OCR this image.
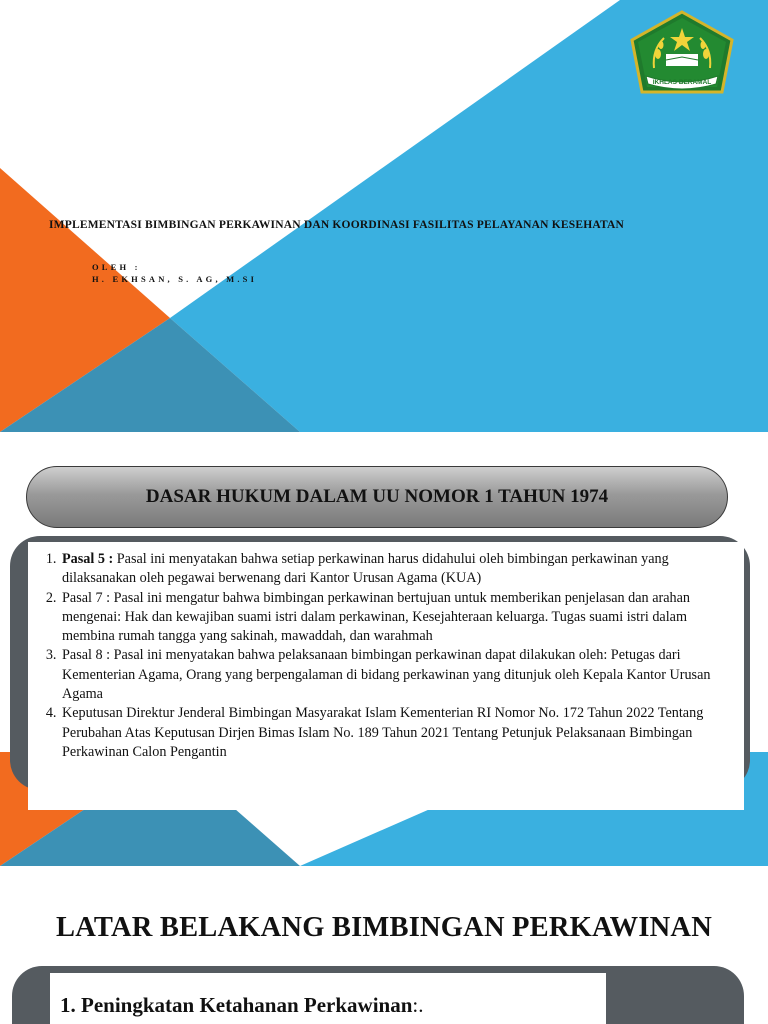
IKHLAS BERAMAL
IMPLEMENTASI BIMBINGAN PERKAWINAN DAN KOORDINASI FASILITAS PELAYANAN KESEHATAN
OLEH :
H. EKHSAN, S. AG, M.SI
DASAR HUKUM DALAM UU NOMOR 1 TAHUN 1974
1. Pasal 5 : Pasal ini menyatakan bahwa setiap perkawinan harus didahului oleh bimbingan perkawinan yang dilaksanakan oleh pegawai berwenang dari Kantor Urusan Agama (KUA)
2. Pasal 7 : Pasal ini mengatur bahwa bimbingan perkawinan bertujuan untuk memberikan penjelasan dan arahan mengenai: Hak dan kewajiban suami istri dalam perkawinan, Kesejahteraan keluarga. Tugas suami istri dalam membina rumah tangga yang sakinah, mawaddah, dan warahmah
3. Pasal 8 : Pasal ini menyatakan bahwa pelaksanaan bimbingan perkawinan dapat dilakukan oleh: Petugas dari Kementerian Agama, Orang yang berpengalaman di bidang perkawinan yang ditunjuk oleh Kepala Kantor Urusan Agama
4. Keputusan Direktur Jenderal Bimbingan Masyarakat Islam Kementerian RI Nomor No. 172 Tahun 2022 Tentang Perubahan Atas Keputusan Dirjen Bimas Islam No. 189 Tahun 2021 Tentang Petunjuk Pelaksanaan Bimbingan Perkawinan Calon Pengantin
LATAR BELAKANG BIMBINGAN PERKAWINAN
1. Peningkatan Ketahanan Perkawinan:.
